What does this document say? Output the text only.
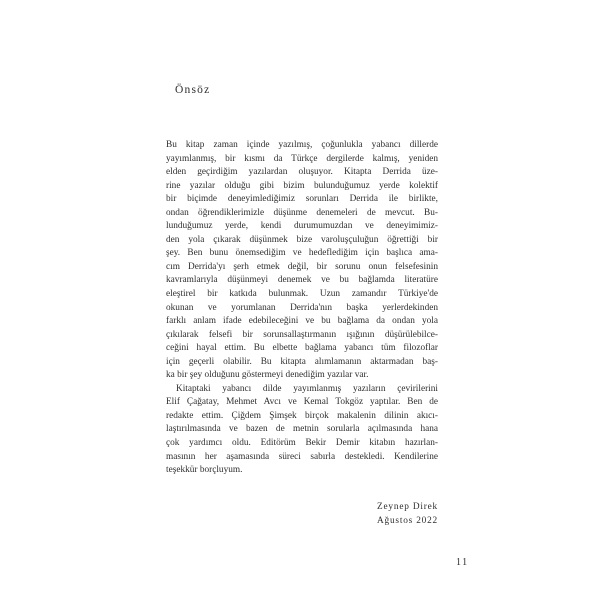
Önsöz

Bu kitap zaman içinde yazılmış, çoğunlukla yabancı dillerde
yayımlanmış, bir kısmı da Türkçe dergilerde kalmış, yeniden
elden geçirdiğim yazılardan oluşuyor. Kitapta Derrida üze-
rine yazılar olduğu gibi bizim bulunduğumuz yerde kolektif
bir biçimde deneyimlediğimiz sorunları Derrida ile birlikte,
ondan öğrendiklerimizle düşünme denemeleri de mevcut. Bu-
lunduğumuz yerde, kendi durumumuzdan ve deneyimimiz-
den yola çıkarak düşünmek bize varoluşçuluğun öğrettiği bir
şey. Ben bunu önemsediğim ve hedeflediğim için başlıca ama-
cım Derrida'yı şerh etmek değil, bir sorunu onun felsefesinin
kavramlarıyla düşünmeyi denemek ve bu bağlamda literatüre
eleştirel bir katkıda bulunmak. Uzun zamandır Türkiye'de
okunan ve yorumlanan Derrida'nın başka yerlerdekinden
farklı anlam ifade edebileceğini ve bu bağlama da ondan yola
çıkılarak felsefi bir sorunsallaştırmanın ışığının düşürülebilce-
ceğini hayal ettim. Bu elbette bağlama yabancı tüm filozoflar
için geçerli olabilir. Bu kitapta alımlamanın aktarmadan baş-
ka bir şey olduğunu göstermeyi denediğim yazılar var.

Kitaptaki yabancı dilde yayımlanmış yazıların çevirilerini
Elif Çağatay, Mehmet Avcı ve Kemal Tokgöz yaptılar. Ben de
redakte ettim. Çiğdem Şimşek birçok makalenin dilinin akıcı-
laştırılmasında ve bazen de metnin sorularla açılmasında hana
çok yardımcı oldu. Editörüm Bekir Demir kitabın hazırlan-
masının her aşamasında süreci sabırla destekledi. Kendilerine
teşekkür borçluyum.

Zeynep Direk
Ağustos 2022
11
